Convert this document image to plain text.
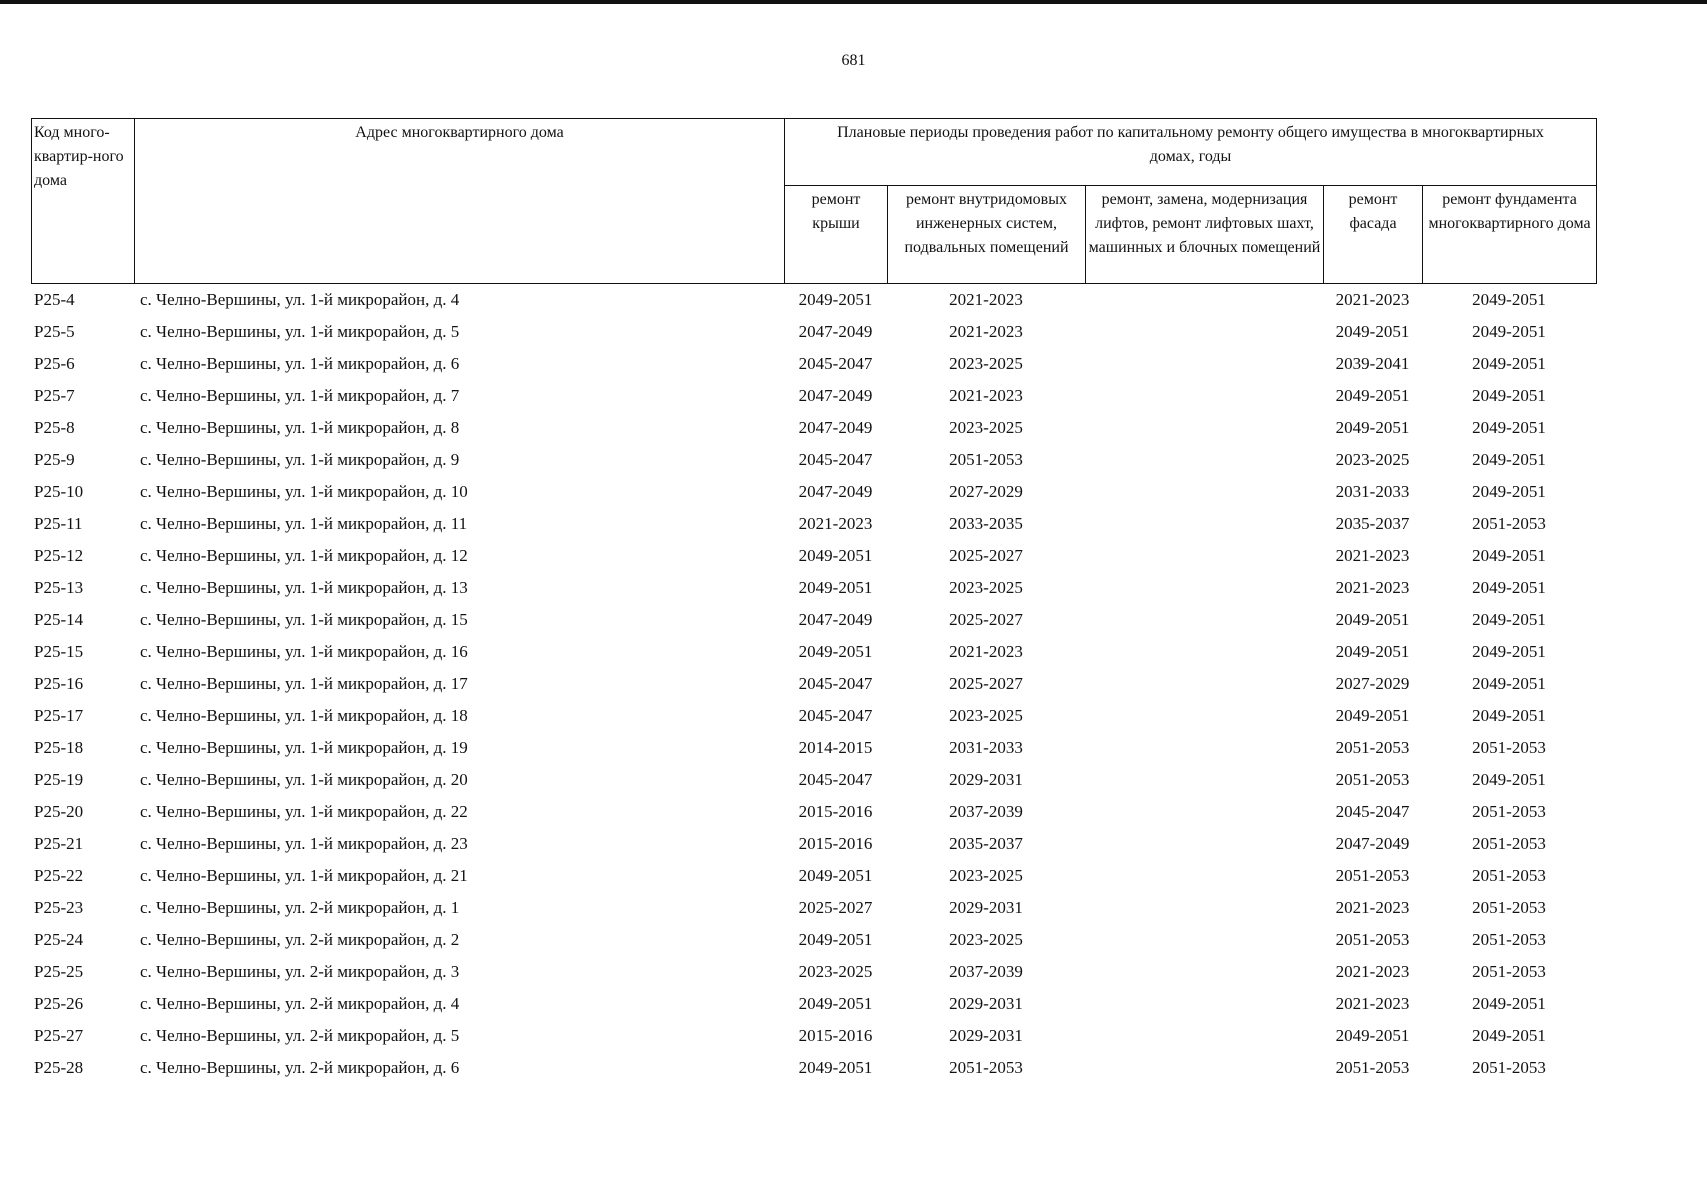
681
Код много-квартир-ного дома	Адрес многоквартирного дома	Плановые периоды проведения работ по капитальному ремонту общего имущества в многоквартирных домах, годы				
		ремонт крыши	ремонт внутридомовых инженерных систем, подвальных помещений	ремонт, замена, модернизация лифтов, ремонт лифтовых шахт, машинных и блочных помещений	ремонт фасада	ремонт фундамента многоквартирного дома
P25-4	с. Челно-Вершины, ул. 1-й микрорайон, д. 4	2049-2051	2021-2023		2021-2023	2049-2051
P25-5	с. Челно-Вершины, ул. 1-й микрорайон, д. 5	2047-2049	2021-2023		2049-2051	2049-2051
P25-6	с. Челно-Вершины, ул. 1-й микрорайон, д. 6	2045-2047	2023-2025		2039-2041	2049-2051
P25-7	с. Челно-Вершины, ул. 1-й микрорайон, д. 7	2047-2049	2021-2023		2049-2051	2049-2051
P25-8	с. Челно-Вершины, ул. 1-й микрорайон, д. 8	2047-2049	2023-2025		2049-2051	2049-2051
P25-9	с. Челно-Вершины, ул. 1-й микрорайон, д. 9	2045-2047	2051-2053		2023-2025	2049-2051
P25-10	с. Челно-Вершины, ул. 1-й микрорайон, д. 10	2047-2049	2027-2029		2031-2033	2049-2051
P25-11	с. Челно-Вершины, ул. 1-й микрорайон, д. 11	2021-2023	2033-2035		2035-2037	2051-2053
P25-12	с. Челно-Вершины, ул. 1-й микрорайон, д. 12	2049-2051	2025-2027		2021-2023	2049-2051
P25-13	с. Челно-Вершины, ул. 1-й микрорайон, д. 13	2049-2051	2023-2025		2021-2023	2049-2051
P25-14	с. Челно-Вершины, ул. 1-й микрорайон, д. 15	2047-2049	2025-2027		2049-2051	2049-2051
P25-15	с. Челно-Вершины, ул. 1-й микрорайон, д. 16	2049-2051	2021-2023		2049-2051	2049-2051
P25-16	с. Челно-Вершины, ул. 1-й микрорайон, д. 17	2045-2047	2025-2027		2027-2029	2049-2051
P25-17	с. Челно-Вершины, ул. 1-й микрорайон, д. 18	2045-2047	2023-2025		2049-2051	2049-2051
P25-18	с. Челно-Вершины, ул. 1-й микрорайон, д. 19	2014-2015	2031-2033		2051-2053	2051-2053
P25-19	с. Челно-Вершины, ул. 1-й микрорайон, д. 20	2045-2047	2029-2031		2051-2053	2049-2051
P25-20	с. Челно-Вершины, ул. 1-й микрорайон, д. 22	2015-2016	2037-2039		2045-2047	2051-2053
P25-21	с. Челно-Вершины, ул. 1-й микрорайон, д. 23	2015-2016	2035-2037		2047-2049	2051-2053
P25-22	с. Челно-Вершины, ул. 1-й микрорайон, д. 21	2049-2051	2023-2025		2051-2053	2051-2053
P25-23	с. Челно-Вершины, ул. 2-й микрорайон, д. 1	2025-2027	2029-2031		2021-2023	2051-2053
P25-24	с. Челно-Вершины, ул. 2-й микрорайон, д. 2	2049-2051	2023-2025		2051-2053	2051-2053
P25-25	с. Челно-Вершины, ул. 2-й микрорайон, д. 3	2023-2025	2037-2039		2021-2023	2051-2053
P25-26	с. Челно-Вершины, ул. 2-й микрорайон, д. 4	2049-2051	2029-2031		2021-2023	2049-2051
P25-27	с. Челно-Вершины, ул. 2-й микрорайон, д. 5	2015-2016	2029-2031		2049-2051	2049-2051
P25-28	с. Челно-Вершины, ул. 2-й микрорайон, д. 6	2049-2051	2051-2053		2051-2053	2051-2053
